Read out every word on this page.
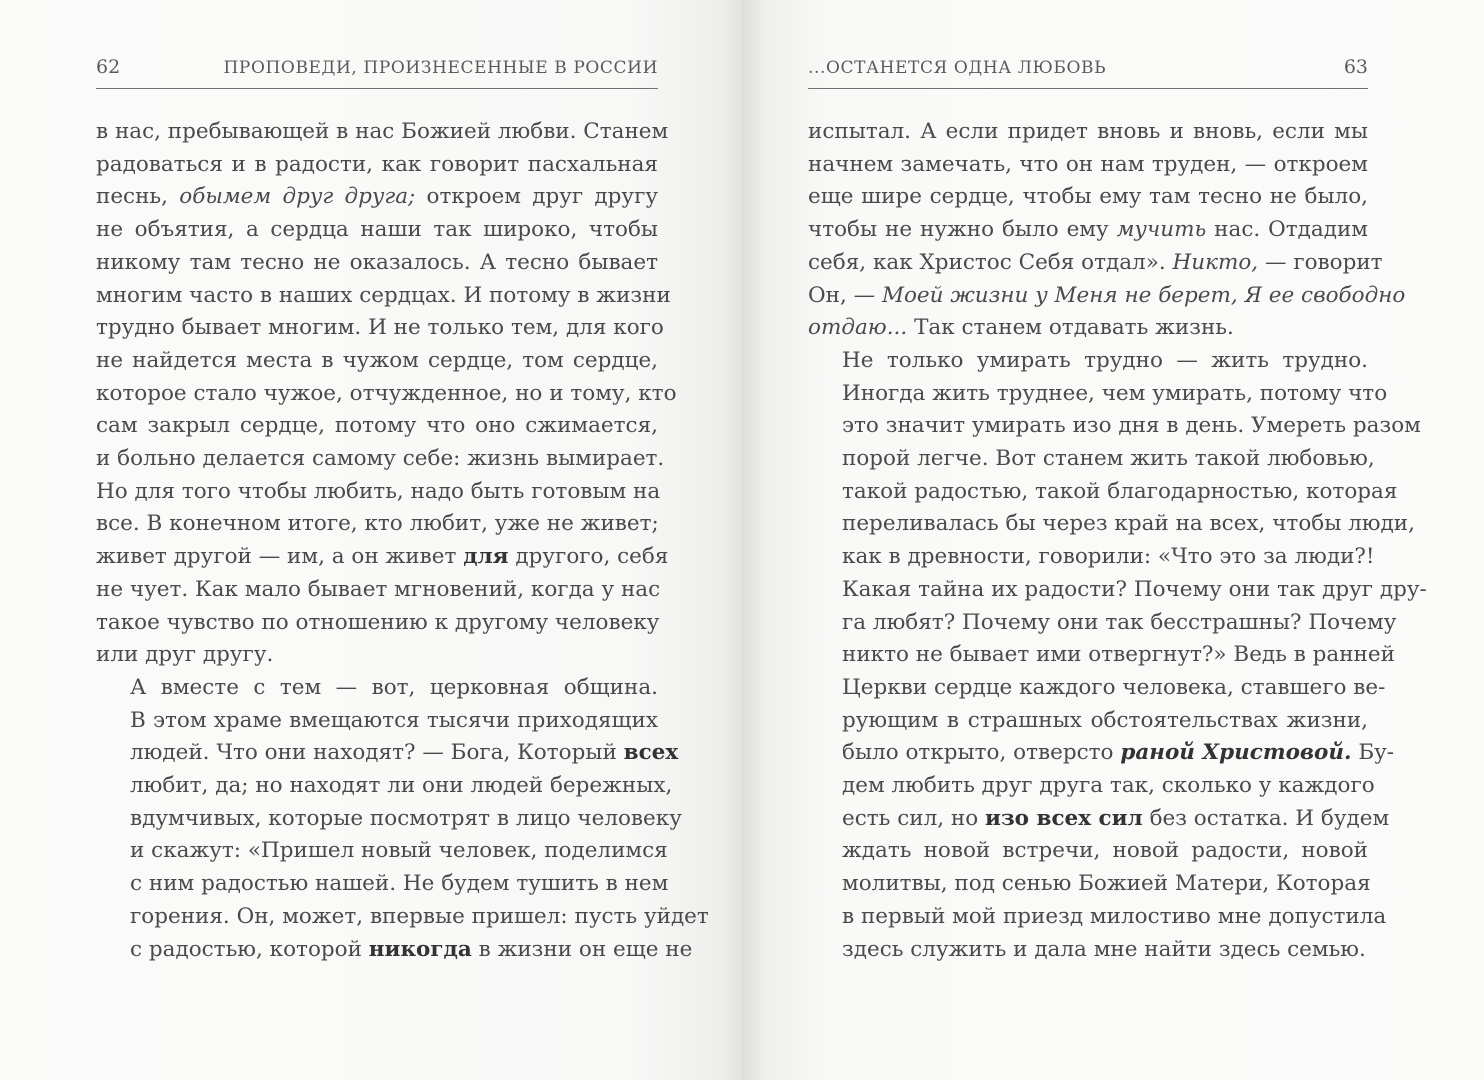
62	ПРОПОВЕДИ, ПРОИЗНЕСЕННЫЕ В РОССИИ

в нас, пребывающей в нас Божией любви. Станем
радоваться и в радости, как говорит пасхальная
песнь, обымем друг друга; откроем друг другу
не объятия, а сердца наши так широко, чтобы
никому там тесно не оказалось. А тесно бывает
многим часто в наших сердцах. И потому в жизни
трудно бывает многим. И не только тем, для кого
не найдется места в чужом сердце, том сердце,
которое стало чужое, отчужденное, но и тому, кто
сам закрыл сердце, потому что оно сжимается,
и больно делается самому себе: жизнь вымирает.
Но для того чтобы любить, надо быть готовым на
все. В конечном итоге, кто любит, уже не живет;
живет другой — им, а он живет для другого, себя
не чует. Как мало бывает мгновений, когда у нас
такое чувство по отношению к другому человеку
или друг другу.

А вместе с тем — вот, церковная община.
В этом храме вмещаются тысячи приходящих
людей. Что они находят? — Бога, Который всех
любит, да; но находят ли они людей бережных,
вдумчивых, которые посмотрят в лицо человеку
и скажут: «Пришел новый человек, поделимся
с ним радостью нашей. Не будем тушить в нем
горения. Он, может, впервые пришел: пусть уйдет
с радостью, которой никогда в жизни он еще не

...ОСТАНЕТСЯ ОДНА ЛЮБОВЬ	63

испытал. А если придет вновь и вновь, если мы
начнем замечать, что он нам труден, — откроем
еще шире сердце, чтобы ему там тесно не было,
чтобы не нужно было ему мучить нас. Отдадим
себя, как Христос Себя отдал». Никто, — говорит
Он, — Моей жизни у Меня не берет, Я ее свободно
отдаю... Так станем отдавать жизнь.

Не только умирать трудно — жить трудно.
Иногда жить труднее, чем умирать, потому что
это значит умирать изо дня в день. Умереть разом
порой легче. Вот станем жить такой любовью,
такой радостью, такой благодарностью, которая
переливалась бы через край на всех, чтобы люди,
как в древности, говорили: «Что это за люди?!
Какая тайна их радости? Почему они так друг дру-
га любят? Почему они так бесстрашны? Почему
никто не бывает ими отвергнут?» Ведь в ранней
Церкви сердце каждого человека, ставшего ве-
рующим в страшных обстоятельствах жизни,
было открыто, отверсто раной Христовой. Бу-
дем любить друг друга так, сколько у каждого
есть сил, но изо всех сил без остатка. И будем
ждать новой встречи, новой радости, новой
молитвы, под сенью Божией Матери, Которая
в первый мой приезд милостиво мне допустила
здесь служить и дала мне найти здесь семью.
